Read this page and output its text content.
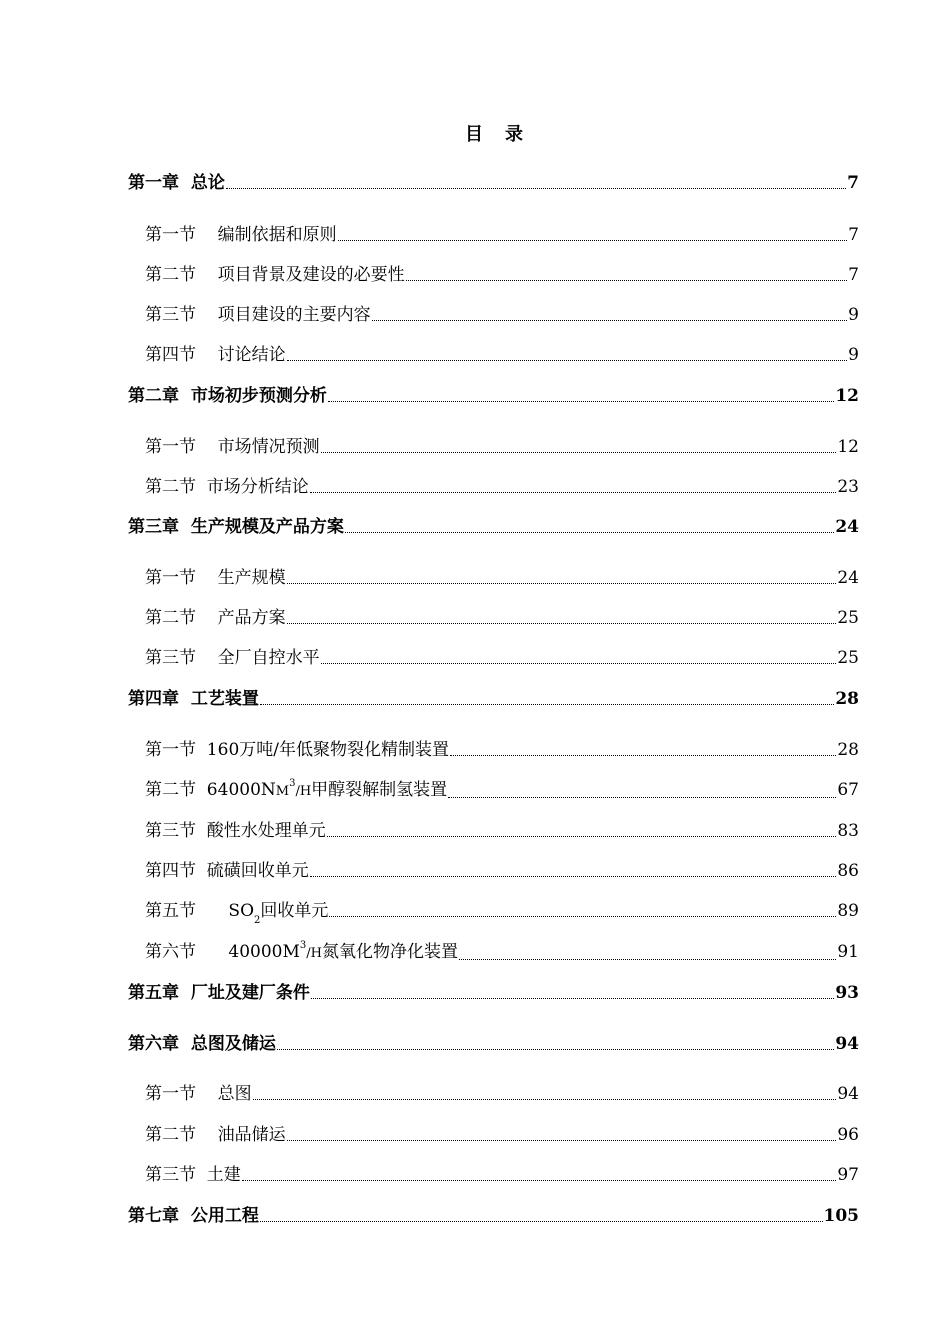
目　录
第一章  总论	7
第一节    编制依据和原则	7
第二节    项目背景及建设的必要性	7
第三节    项目建设的主要内容	9
第四节    讨论结论	9
第二章  市场初步预测分析	12
第一节    市场情况预测	12
第二节  市场分析结论	23
第三章  生产规模及产品方案	24
第一节    生产规模	24
第二节    产品方案	25
第三节    全厂自控水平	25
第四章  工艺装置	28
第一节  160万吨/年低聚物裂化精制装置	28
第二节  $64000NM^3/H$甲醇裂解制氢装置	67
第三节  酸性水处理单元	83
第四节  硫磺回收单元	86
第五节      $SO_2$回收单元	89
第六节      $40000M^3/H$氮氧化物净化装置	91
第五章  厂址及建厂条件	93
第六章  总图及储运	94
第一节    总图	94
第二节    油品储运	96
第三节  土建	97
第七章  公用工程	105
